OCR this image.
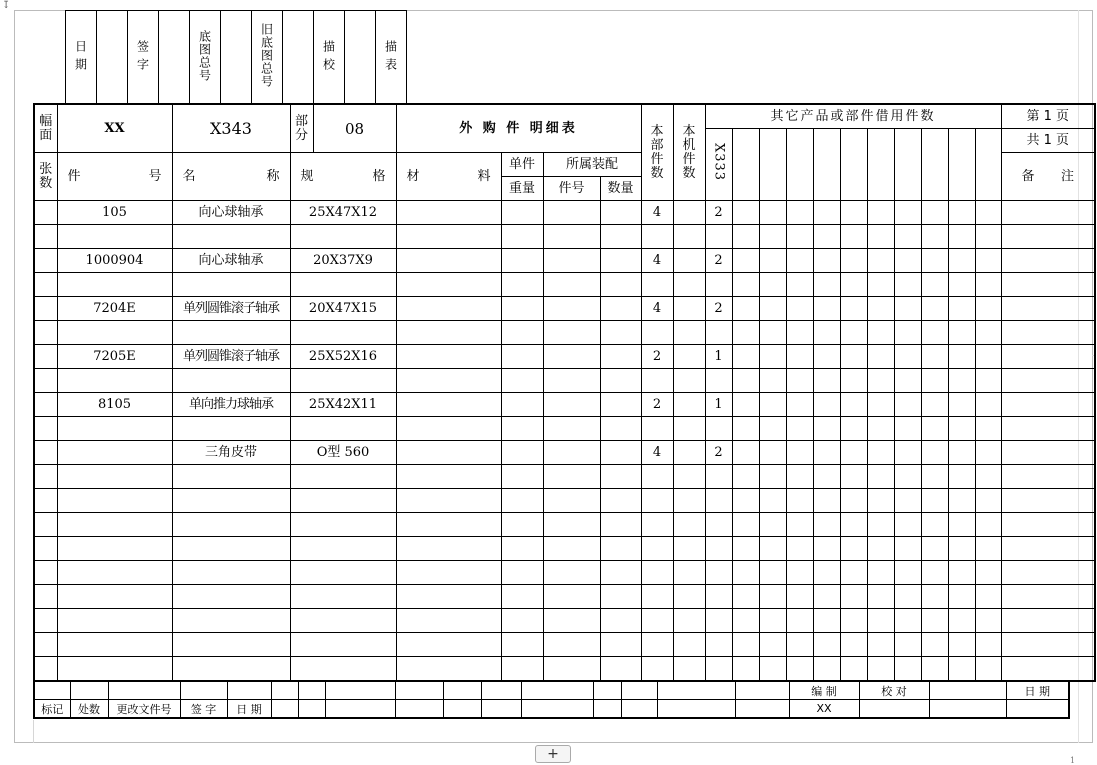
↧
日 期		签 字		底图总号		旧底图总号		描 校		描 表
幅面	XX	X343	部分	08	外 购 件 明细表				本部件数	本机件数	其它产品或部件借用件数											第 1 页
											X333											共 1 页
张数	件 号	名 称	规 格		材 料	单件	所属装配															备 注

						重量	件号	数量														
	105	向心球轴承	25X47X12						4		2											

	1000904	向心球轴承	20X37X9						4		2											

	7204E	单列圆锥滚子轴承	20X47X15						4		2											

	7205E	单列圆锥滚子轴承	25X52X16						2		1											

	8105	单向推力球轴承	25X42X11						2		1											

		三角皮带	O型 560						4		2											

																编 制	校 对		日 期
标记	处数	更改文件号	签 字	日 期												XX			
+	1
